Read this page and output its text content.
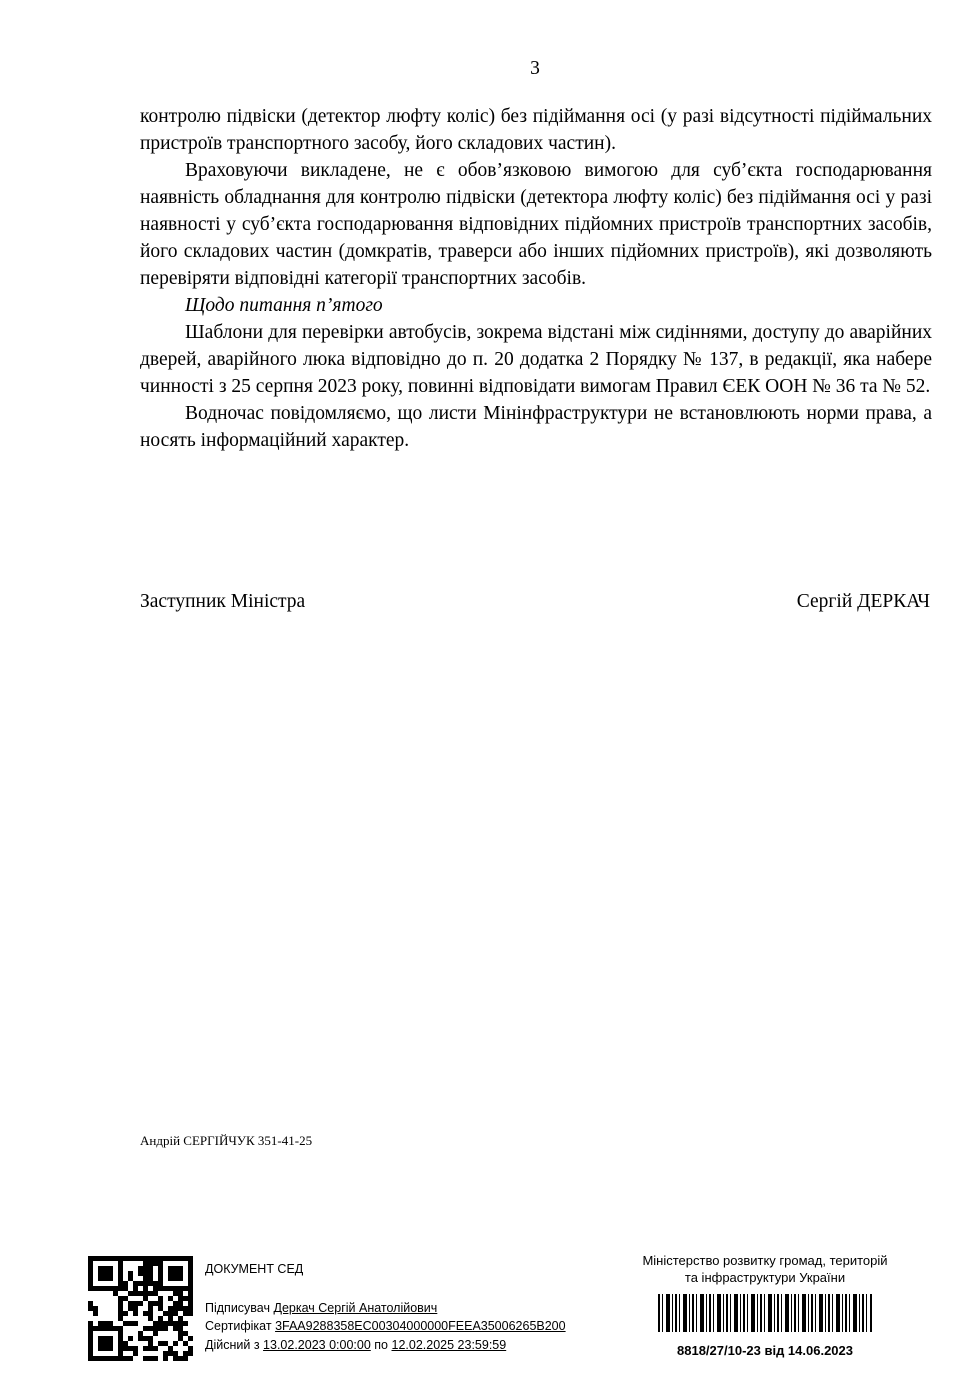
3

контролю підвіски (детектор люфту коліс) без підіймання осі (у разі відсутності підіймальних пристроїв транспортного засобу, його складових частин).

Враховуючи викладене, не є обов’язковою вимогою для суб’єкта господарювання наявність обладнання для контролю підвіски (детектора люфту коліс) без підіймання осі у разі наявності у суб’єкта господарювання відповідних підйомних пристроїв транспортних засобів, його складових частин (домкратів, траверси або інших підйомних пристроїв), які дозволяють перевіряти відповідні категорії транспортних засобів.

Щодо питання п’ятого

Шаблони для перевірки автобусів, зокрема відстані між сидіннями, доступу до аварійних дверей, аварійного люка відповідно до п. 20 додатка 2 Порядку № 137, в редакції, яка набере чинності з 25 серпня 2023 року, повинні відповідати вимогам Правил ЄЕК ООН № 36 та № 52.

Водночас повідомляємо, що листи Мінінфраструктури не встановлюють норми права, а носять інформаційний характер.

Заступник Міністра	Сергій ДЕРКАЧ
Андрій СЕРГІЙЧУК 351-41-25
ДОКУМЕНТ СЕД
Підписувач Деркач Сергій Анатолійович
Сертифікат 3FAA9288358EC00304000000FEEA35006265B200
Дійсний з 13.02.2023 0:00:00 по 12.02.2025 23:59:59
Міністерство розвитку громад, територій
та інфраструктури України
8818/27/10-23 від 14.06.2023
